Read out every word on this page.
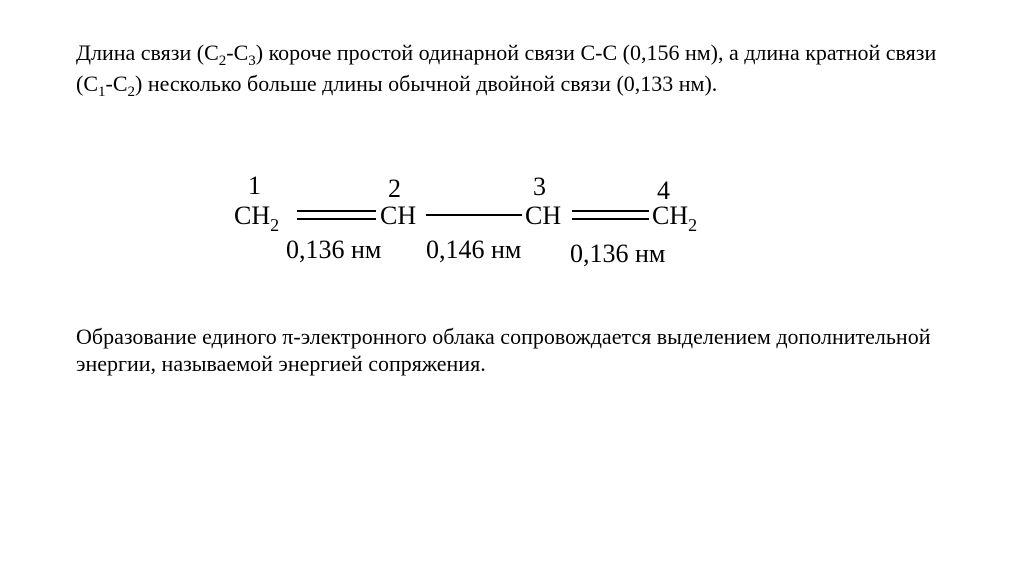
Длина связи $(С_2-С_3)$ короче простой одинарной связи С-С (0,156 нм), а длина кратной связи $(С_1-С_2)$ несколько больше длины обычной двойной связи (0,133 нм).

1	2	3	4
$CH_2$	CH	CH	$CH_2$
0,136 нм 0,146 нм 0,136 нм

Образование единого π-электронного облака сопровождается выделением дополнительной энергии, называемой энергией сопряжения.
